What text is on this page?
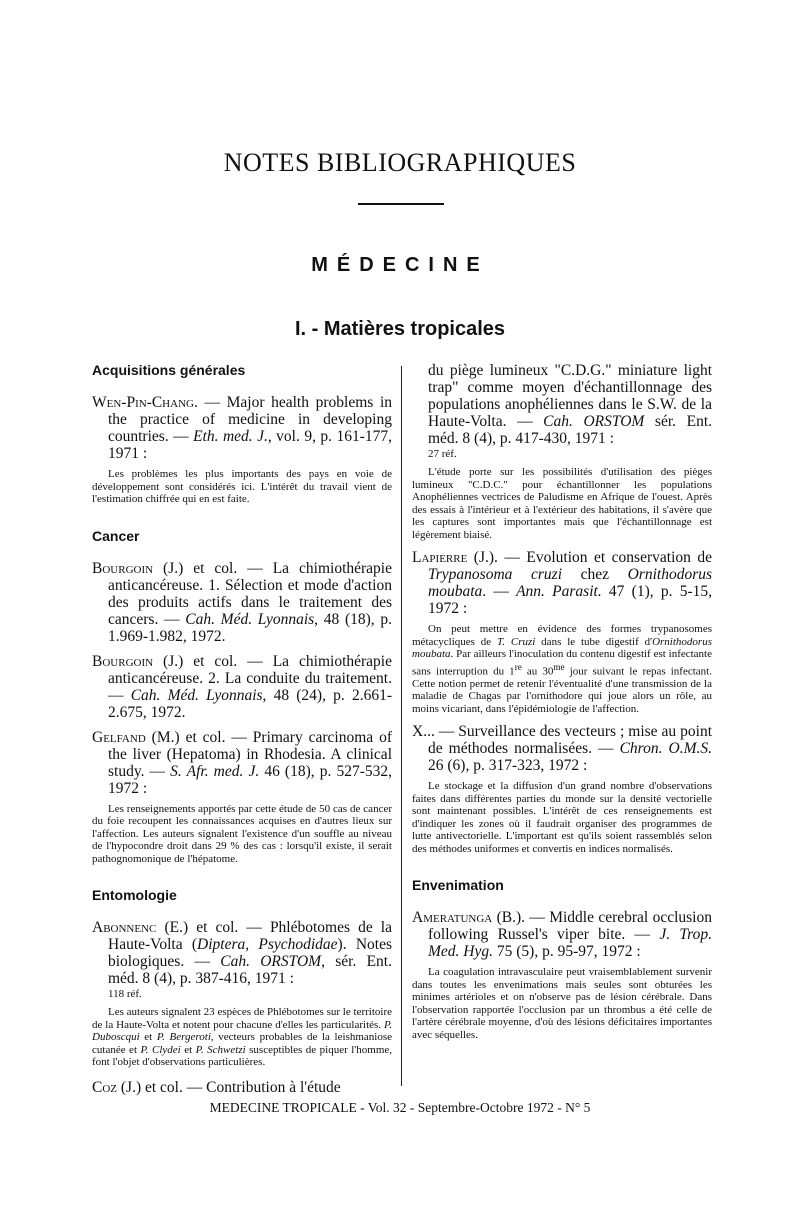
NOTES BIBLIOGRAPHIQUES
MÉDECINE
I. - Matières tropicales
Acquisitions générales
Wen-Pin-Chang. — Major health problems in the practice of medicine in developing countries. — Eth. med. J., vol. 9, p. 161-177, 1971 :
Les problèmes les plus importants des pays en voie de développement sont considérés ici. L'intérêt du travail vient de l'estimation chiffrée qui en est faite.
Cancer
Bourgoin (J.) et col. — La chimiothérapie anticancéreuse. 1. Sélection et mode d'action des produits actifs dans le traitement des cancers. — Cah. Méd. Lyonnais, 48 (18), p. 1.969-1.982, 1972.
Bourgoin (J.) et col. — La chimiothérapie anticancéreuse. 2. La conduite du traitement. — Cah. Méd. Lyonnais, 48 (24), p. 2.661-2.675, 1972.
Gelfand (M.) et col. — Primary carcinoma of the liver (Hepatoma) in Rhodesia. A clinical study. — S. Afr. med. J. 46 (18), p. 527-532, 1972 :
Les renseignements apportés par cette étude de 50 cas de cancer du foie recoupent les connaissances acquises en d'autres lieux sur l'affection. Les auteurs signalent l'existence d'un souffle au niveau de l'hypocondre droit dans 29 % des cas : lorsqu'il existe, il serait pathognomonique de l'hépatome.
Entomologie
Abonnenc (E.) et col. — Phlébotomes de la Haute-Volta (Diptera, Psychodidae). Notes biologiques. — Cah. ORSTOM, sér. Ent. méd. 8 (4), p. 387-416, 1971 :
118 réf.
Les auteurs signalent 23 espèces de Phlébotomes sur le territoire de la Haute-Volta et notent pour chacune d'elles les particularités. P. Duboscqui et P. Bergeroti, vecteurs probables de la leishmaniose cutanée et P. Clydei et P. Schwetzi susceptibles de piquer l'homme, font l'objet d'observations particulières.
Coz (J.) et col. — Contribution à l'étude
du piège lumineux "C.D.G." miniature light trap" comme moyen d'échantillonnage des populations anophéliennes dans le S.W. de la Haute-Volta. — Cah. ORSTOM sér. Ent. méd. 8 (4), p. 417-430, 1971 :
27 réf.
L'étude porte sur les possibilités d'utilisation des pièges lumineux "C.D.C." pour échantillonner les populations Anophéliennes vectrices de Paludisme en Afrique de l'ouest. Après des essais à l'intérieur et à l'extérieur des habitations, il s'avère que les captures sont importantes mais que l'échantillonnage est légèrement biaisé.
Lapierre (J.). — Evolution et conservation de Trypanosoma cruzi chez Ornithodorus moubata. — Ann. Parasit. 47 (1), p. 5-15, 1972 :
On peut mettre en évidence des formes trypanosomes métacycliques de T. Cruzi dans le tube digestif d'Ornithodorus moubata. Par ailleurs l'inoculation du contenu digestif est infectante sans interruption du 1re au $30^{me}$ jour suivant le repas infectant. Cette notion permet de retenir l'éventualité d'une transmission de la maladie de Chagas par l'ornithodore qui joue alors un rôle, au moins vicariant, dans l'épidémiologie de l'affection.
X... — Surveillance des vecteurs ; mise au point de méthodes normalisées. — Chron. O.M.S. 26 (6), p. 317-323, 1972 :
Le stockage et la diffusion d'un grand nombre d'observations faites dans différentes parties du monde sur la densité vectorielle sont maintenant possibles. L'intérêt de ces renseignements est d'indiquer les zones où il faudrait organiser des programmes de lutte antivectorielle. L'important est qu'ils soient rassemblés selon des méthodes uniformes et convertis en indices normalisés.
Envenimation
Ameratunga (B.). — Middle cerebral occlusion following Russel's viper bite. — J. Trop. Med. Hyg. 75 (5), p. 95-97, 1972 :
La coagulation intravasculaire peut vraisemblablement survenir dans toutes les envenimations mais seules sont obturées les minimes artérioles et on n'observe pas de lésion cérébrale. Dans l'observation rapportée l'occlusion par un thrombus a été celle de l'artère cérébrale moyenne, d'où des lésions déficitaires importantes avec séquelles.
MEDECINE TROPICALE - Vol. 32 - Septembre-Octobre 1972 - N° 5
